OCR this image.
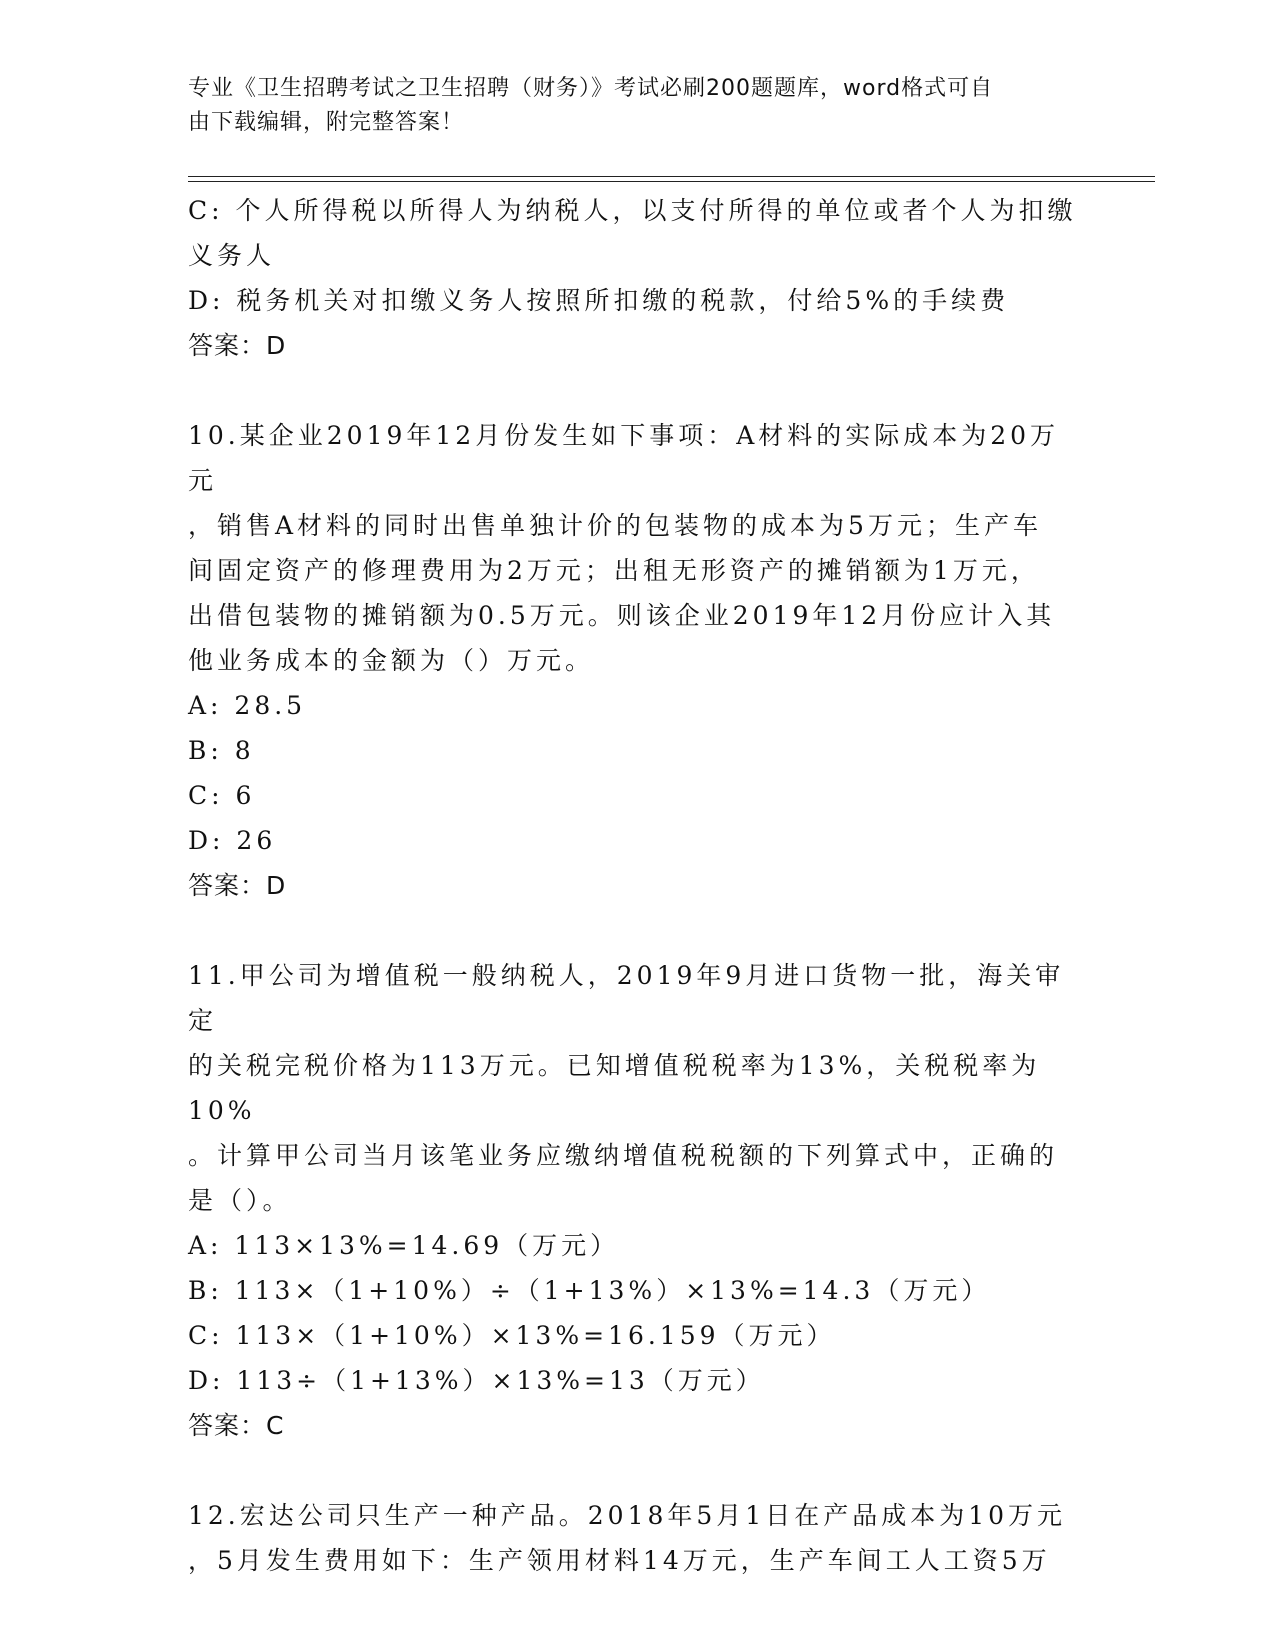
专业《卫生招聘考试之卫生招聘（财务）》考试必刷200题题库，word格式可自
由下载编辑，附完整答案！

C: 个人所得税以所得人为纳税人，以支付所得的单位或者个人为扣缴

义务人

D: 税务机关对扣缴义务人按照所扣缴的税款，付给5%的手续费

答案：D

10.某企业2019年12月份发生如下事项：A材料的实际成本为20万元

，销售A材料的同时出售单独计价的包装物的成本为5万元；生产车

间固定资产的修理费用为2万元；出租无形资产的摊销额为1万元，

出借包装物的摊销额为0.5万元。则该企业2019年12月份应计入其

他业务成本的金额为（）万元。

A: 28.5

B: 8

C: 6

D: 26

答案：D

11.甲公司为增值税一般纳税人，2019年9月进口货物一批，海关审定

的关税完税价格为113万元。已知增值税税率为13%，关税税率为10%

。计算甲公司当月该笔业务应缴纳增值税税额的下列算式中，正确的

是（）。

A: 113×13%=14.69（万元）

B: 113×（1+10%）÷（1+13%）×13%=14.3（万元）

C: 113×（1+10%）×13%=16.159（万元）

D: 113÷（1+13%）×13%=13（万元）

答案：C

12.宏达公司只生产一种产品。2018年5月1日在产品成本为10万元

，5月发生费用如下：生产领用材料14万元，生产车间工人工资5万
